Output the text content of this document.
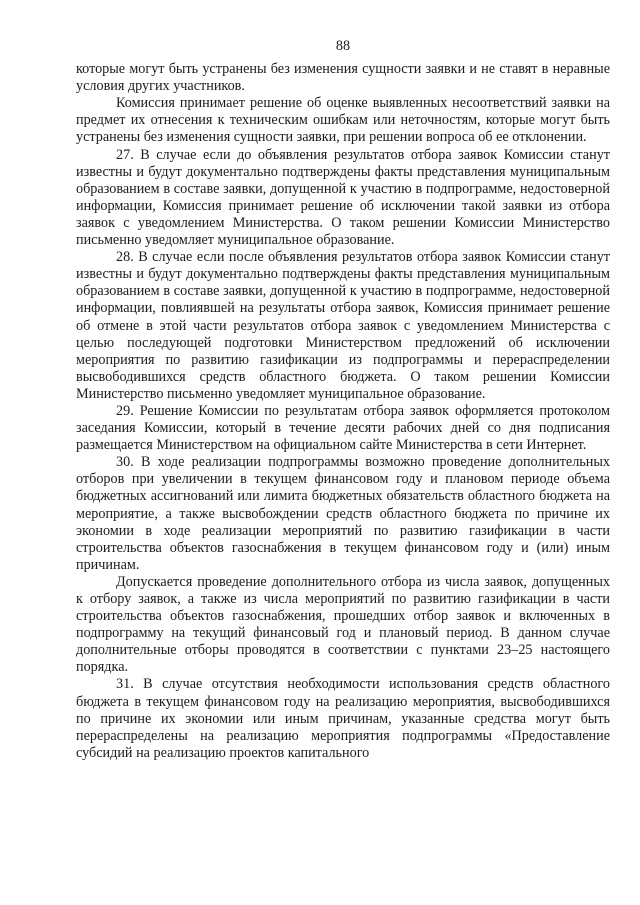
88

которые могут быть устранены без изменения сущности заявки и не ставят в неравные условия других участников.

Комиссия принимает решение об оценке выявленных несоответствий заявки на предмет их отнесения к техническим ошибкам или неточностям, которые могут быть устранены без изменения сущности заявки, при решении вопроса об ее отклонении.

27. В случае если до объявления результатов отбора заявок Комиссии станут известны и будут документально подтверждены факты представления муниципальным образованием в составе заявки, допущенной к участию в подпрограмме, недостоверной информации, Комиссия принимает решение об исключении такой заявки из отбора заявок с уведомлением Министерства. О таком решении Комиссии Министерство письменно уведомляет муниципальное образование.

28. В случае если после объявления результатов отбора заявок Комиссии станут известны и будут документально подтверждены факты представления муниципальным образованием в составе заявки, допущенной к участию в подпрограмме, недостоверной информации, повлиявшей на результаты отбора заявок, Комиссия принимает решение об отмене в этой части результатов отбора заявок с уведомлением Министерства с целью последующей подготовки Министерством предложений об исключении мероприятия по развитию газификации из подпрограммы и перераспределении высвободившихся средств областного бюджета. О таком решении Комиссии Министерство письменно уведомляет муниципальное образование.

29. Решение Комиссии по результатам отбора заявок оформляется протоколом заседания Комиссии, который в течение десяти рабочих дней со дня подписания размещается Министерством на официальном сайте Министерства в сети Интернет.

30. В ходе реализации подпрограммы возможно проведение дополнительных отборов при увеличении в текущем финансовом году и плановом периоде объема бюджетных ассигнований или лимита бюджетных обязательств областного бюджета на мероприятие, а также высвобождении средств областного бюджета по причине их экономии в ходе реализации мероприятий по развитию газификации в части строительства объектов газоснабжения в текущем финансовом году и (или) иным причинам.

Допускается проведение дополнительного отбора из числа заявок, допущенных к отбору заявок, а также из числа мероприятий по развитию газификации в части строительства объектов газоснабжения, прошедших отбор заявок и включенных в подпрограмму на текущий финансовый год и плановый период. В данном случае дополнительные отборы проводятся в соответствии с пунктами 23–25 настоящего порядка.

31. В случае отсутствия необходимости использования средств областного бюджета в текущем финансовом году на реализацию мероприятия, высвободившихся по причине их экономии или иным причинам, указанные средства могут быть перераспределены на реализацию мероприятия подпрограммы «Предоставление субсидий на реализацию проектов капитального
